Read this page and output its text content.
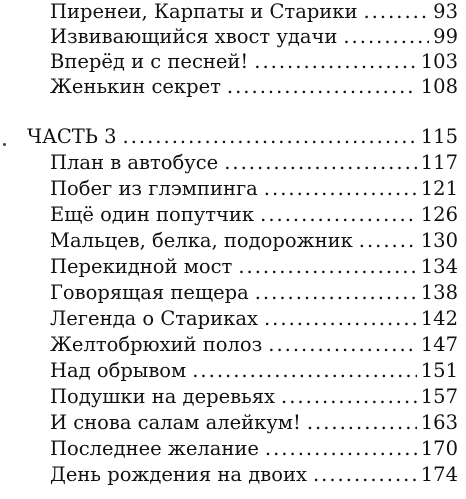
Пиренеи, Карпаты и Старики .....	93
Извивающийся хвост удачи .....	99
Вперёд и с песней! .....	103
Женькин секрет .....	108
ЧАСТЬ 3 .....	115
План в автобусе .....	117
Побег из глэмпинга .....	121
Ещё один попутчик .....	126
Мальцев, белка, подорожник .....	130
Перекидной мост .....	134
Говорящая пещера .....	138
Легенда о Стариках .....	142
Желтобрюхий полоз .....	147
Над обрывом .....	151
Подушки на деревьях .....	157
И снова салам алейкум! .....	163
Последнее желание .....	170
День рождения на двоих .....	174
